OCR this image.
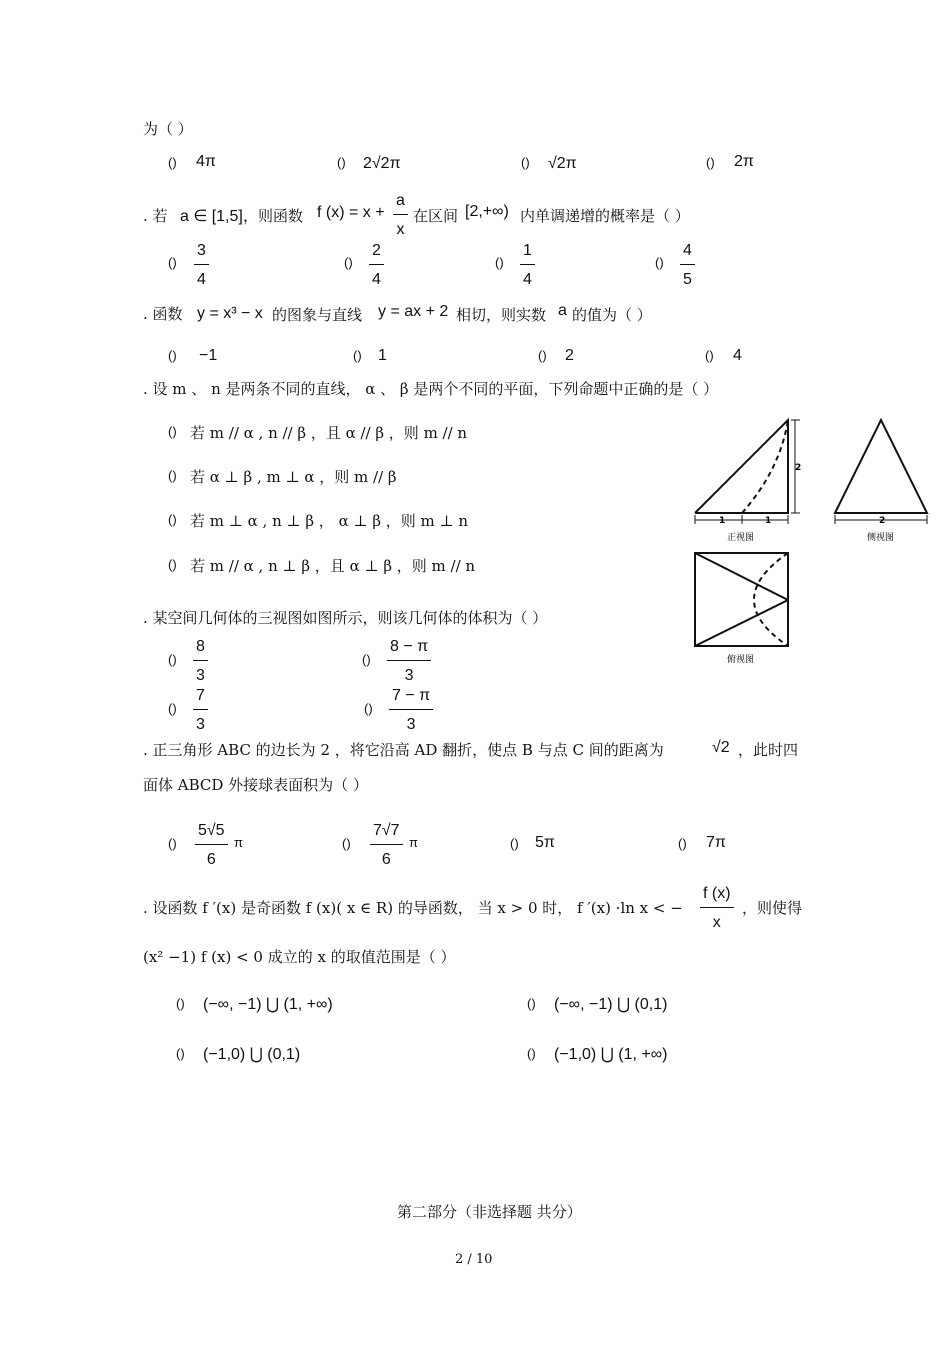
为（ ）
() 4π	() 2√2π	() √2π	() 2π
. 若 a ∈ [1,5]， 则函数 f $(x) = x + \frac{a}{x}$ 在区间 [2,+∞) 内单调递增的概率是（ ）
() $\frac{3}{4}$	() $\frac{2}{4}$	() $\frac{1}{4}$	() $\frac{4}{5}$
. 函数 y = x³ − x 的图象与直线 y = ax + 2 相切，则实数 a 的值为（ ）
() −1	() 1	() 2	() 4
. 设 m 、 n 是两条不同的直线， α 、 β 是两个不同的平面，下列命题中正确的是（ ）
() 若 m // α , n // β ，且 α // β ，则 m // n
() 若 α ⊥ β , m ⊥ α ，则 m // β
() 若 m ⊥ α , n ⊥ β ， α ⊥ β ，则 m ⊥ n
() 若 m // α , n ⊥ β ，且 α ⊥ β ，则 m // n
2
1	1
正视图
2
侧视图
俯视图
. 某空间几何体的三视图如图所示，则该几何体的体积为（ ）
() $\frac{8}{3}$	() $\frac{8 - \pi}{3}$
() $\frac{7}{3}$	() $\frac{7 - \pi}{3}$
. 正三角形 ABC 的边长为 2 ，将它沿高 AD 翻折，使点 B 与点 C 间的距离为	√2 ，此时四
面体 ABCD 外接球表面积为（ ）
() $\frac{5√5}{6}$ π	() $\frac{7√7}{6}$ π	() 5π	() 7π
. 设函数 f ′(x) 是奇函数 f (x)( x ∈ R) 的导函数， 当 x > 0 时， f ′(x) ·ln x < − $\frac{f (x)}{x}$ ，则使得
(x² −1) f (x) < 0 成立的 x 的取值范围是（ ）
() (−∞, −1) ⋃ (1, +∞)	() (−∞, −1) ⋃ (0,1)
() (−1,0) ⋃ (0,1)	() (−1,0) ⋃ (1, +∞)
第二部分（非选择题 共分）
2 / 10
